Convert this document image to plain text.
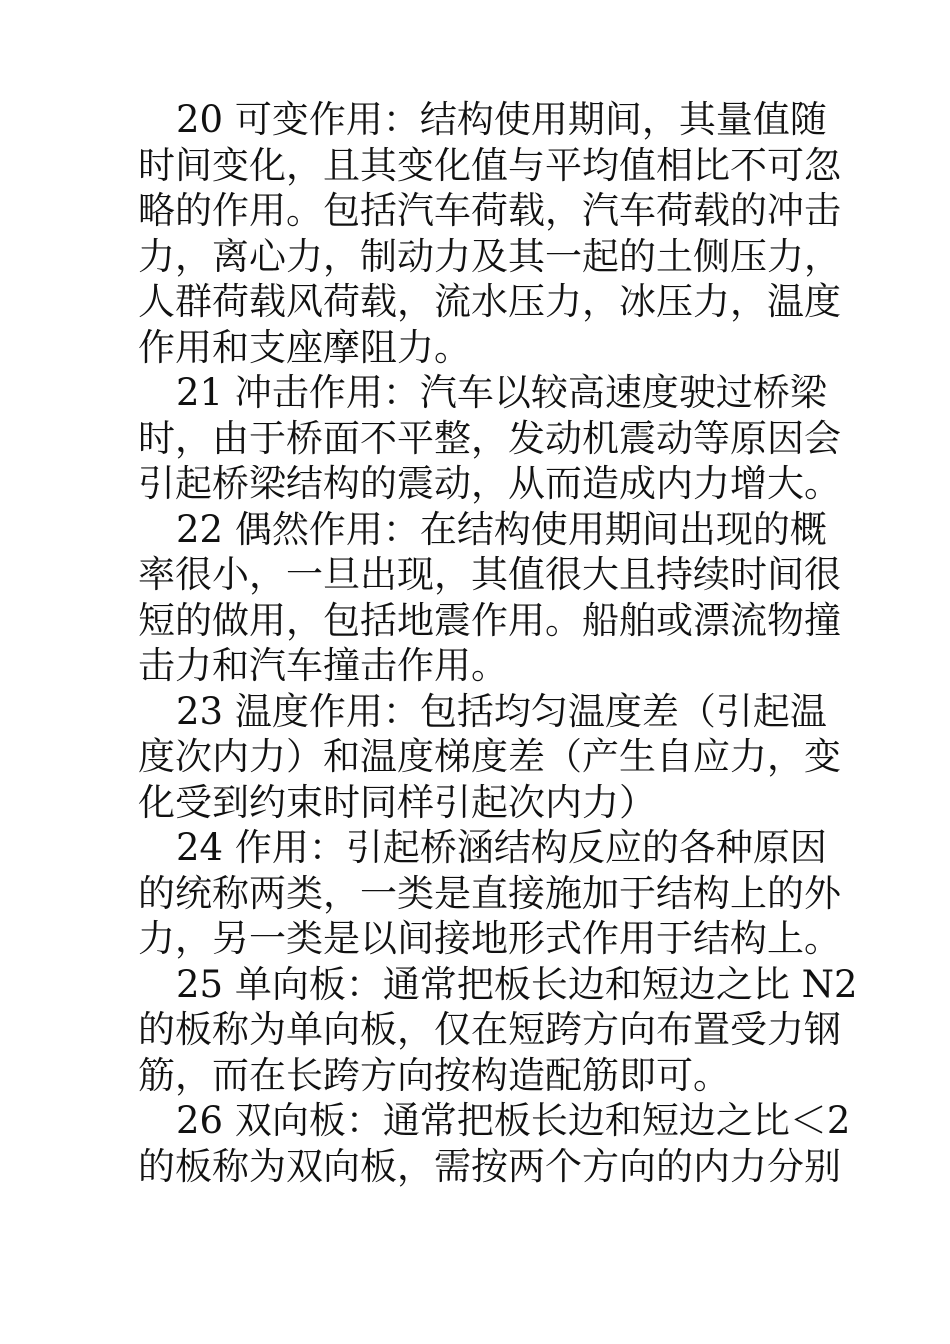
20 可变作用：结构使用期间，其量值随
时间变化，且其变化值与平均值相比不可忽
略的作用。包括汽车荷载，汽车荷载的冲击
力，离心力，制动力及其一起的土侧压力，
人群荷载风荷载，流水压力，冰压力，温度
作用和支座摩阻力。
21 冲击作用：汽车以较高速度驶过桥梁
时，由于桥面不平整，发动机震动等原因会
引起桥梁结构的震动，从而造成内力增大。
22 偶然作用：在结构使用期间出现的概
率很小，一旦出现，其值很大且持续时间很
短的做用，包括地震作用。船舶或漂流物撞
击力和汽车撞击作用。
23 温度作用：包括均匀温度差（引起温
度次内力）和温度梯度差（产生自应力，变
化受到约束时同样引起次内力）
24 作用：引起桥涵结构反应的各种原因
的统称两类，一类是直接施加于结构上的外
力，另一类是以间接地形式作用于结构上。
25 单向板：通常把板长边和短边之比 N2
的板称为单向板，仅在短跨方向布置受力钢
筋，而在长跨方向按构造配筋即可。
26 双向板：通常把板长边和短边之比＜2
的板称为双向板，需按两个方向的内力分别
